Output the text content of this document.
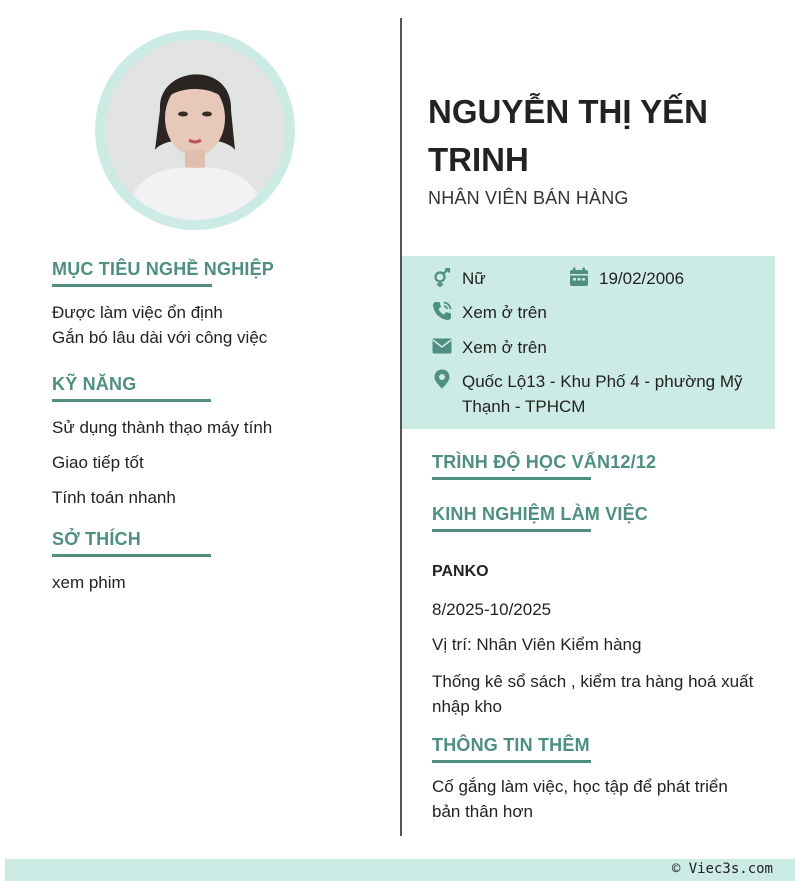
MỤC TIÊU NGHỀ NGHIỆP
Được làm việc ổn định
Gắn bó lâu dài với công việc
KỸ NĂNG
Sử dụng thành thạo máy tính
Giao tiếp tốt
Tính toán nhanh
SỞ THÍCH
xem phim
NGUYỄN THỊ YẾN TRINH
NHÂN VIÊN BÁN HÀNG
Nữ	19/02/2006
Xem ở trên
Xem ở trên
Quốc Lộ13 - Khu Phố 4 - phường Mỹ Thạnh - TPHCM
TRÌNH ĐỘ HỌC VẤN12/12
KINH NGHIỆM LÀM VIỆC
PANKO
8/2025-10/2025
Vị trí: Nhân Viên Kiểm hàng
Thống kê sổ sách , kiểm tra hàng hoá xuất nhập kho
THÔNG TIN THÊM
Cố gắng làm việc, học tập để phát triển bản thân hơn
© Viec3s.com
